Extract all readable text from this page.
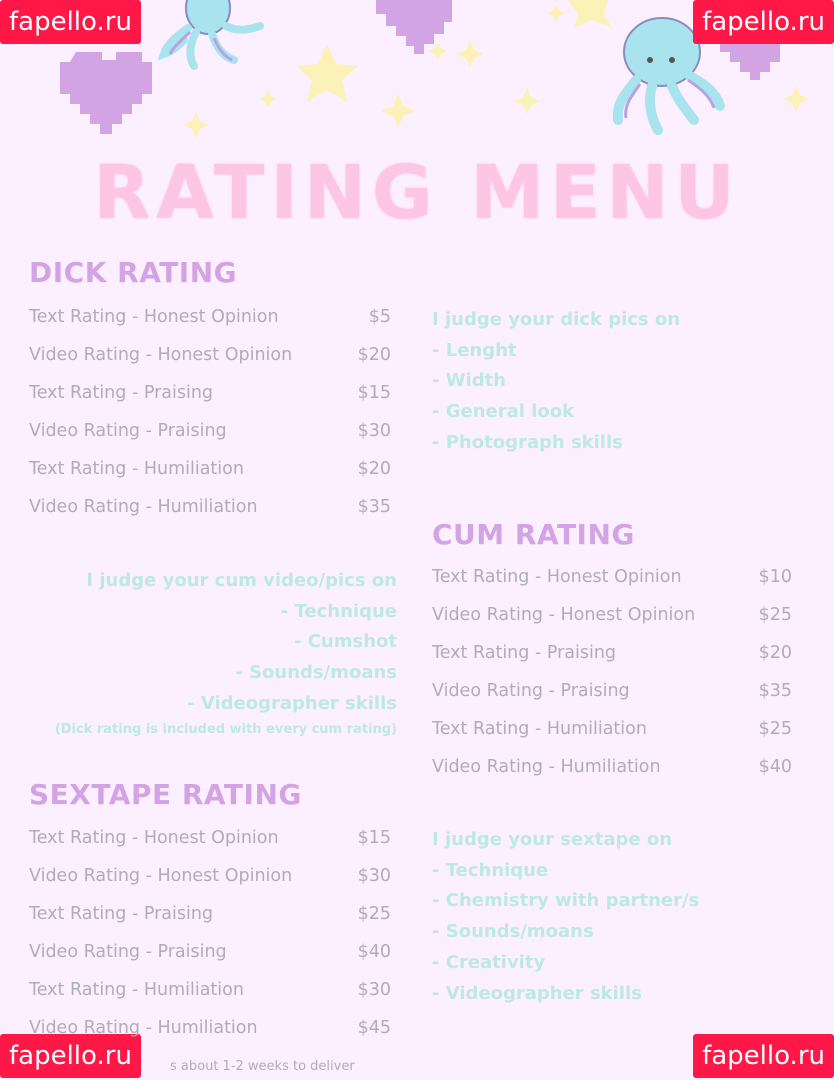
fapello.ru	fapello.ru
fapello.ru	fapello.ru
RATING MENU
DICK RATING
Text Rating - Honest Opinion	$5
Video Rating - Honest Opinion	$20
Text Rating - Praising	$15
Video Rating - Praising	$30
Text Rating - Humiliation	$20
Video Rating - Humiliation	$35
I judge your dick pics on
- Lenght
- Width
- General look
- Photograph skills
CUM RATING
Text Rating - Honest Opinion	$10
Video Rating - Honest Opinion	$25
Text Rating - Praising	$20
Video Rating - Praising	$35
Text Rating - Humiliation	$25
Video Rating - Humiliation	$40
I judge your cum video/pics on
- Technique
- Cumshot
- Sounds/moans
- Videographer skills
(Dick rating is included with every cum rating)
SEXTAPE RATING
Text Rating - Honest Opinion	$15
Video Rating - Honest Opinion	$30
Text Rating - Praising	$25
Video Rating - Praising	$40
Text Rating - Humiliation	$30
Video Rating - Humiliation	$45
I judge your sextape on
- Technique
- Chemistry with partner/s
- Sounds/moans
- Creativity
- Videographer skills
s about 1-2 weeks to deliver
